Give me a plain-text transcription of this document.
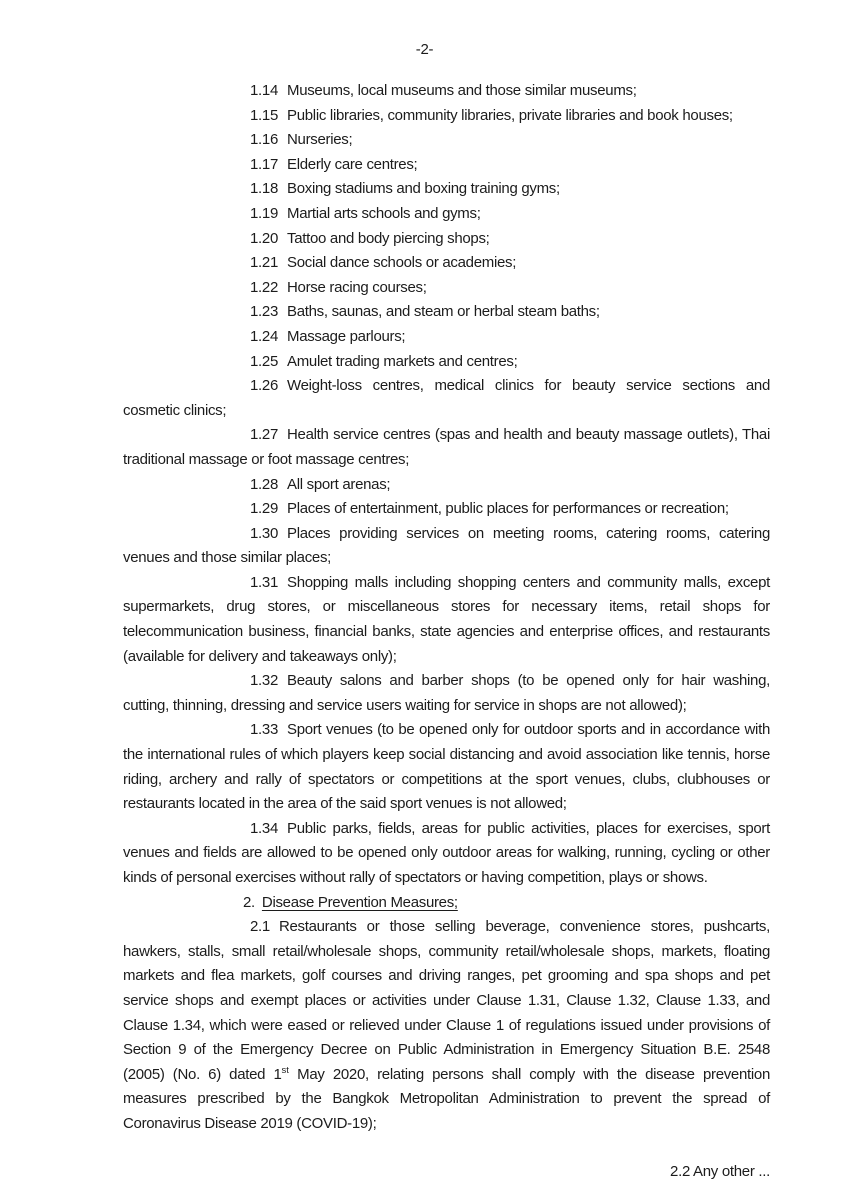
-2-

1.14 Museums, local museums and those similar museums;

1.15 Public libraries, community libraries, private libraries and book houses;

1.16 Nurseries;

1.17 Elderly care centres;

1.18 Boxing stadiums and boxing training gyms;

1.19 Martial arts schools and gyms;

1.20 Tattoo and body piercing shops;

1.21 Social dance schools or academies;

1.22 Horse racing courses;

1.23 Baths, saunas, and steam or herbal steam baths;

1.24 Massage parlours;

1.25 Amulet trading markets and centres;

1.26 Weight-loss centres, medical clinics for beauty service sections and cosmetic clinics;

1.27 Health service centres (spas and health and beauty massage outlets), Thai traditional massage or foot massage centres;

1.28 All sport arenas;

1.29 Places of entertainment, public places for performances or recreation;

1.30 Places providing services on meeting rooms, catering rooms, catering venues and those similar places;

1.31 Shopping malls including shopping centers and community malls, except supermarkets, drug stores, or miscellaneous stores for necessary items, retail shops for telecommunication business, financial banks, state agencies and enterprise offices, and restaurants (available for delivery and takeaways only);

1.32 Beauty salons and barber shops (to be opened only for hair washing, cutting, thinning, dressing and service users waiting for service in shops are not allowed);

1.33 Sport venues (to be opened only for outdoor sports and in accordance with the international rules of which players keep social distancing and avoid association like tennis, horse riding, archery and rally of spectators or competitions at the sport venues, clubs, clubhouses or restaurants located in the area of the said sport venues is not allowed;

1.34 Public parks, fields, areas for public activities, places for exercises, sport venues and fields are allowed to be opened only outdoor areas for walking, running, cycling or other kinds of personal exercises without rally of spectators or having competition, plays or shows.

2. Disease Prevention Measures;

2.1 Restaurants or those selling beverage, convenience stores, pushcarts, hawkers, stalls, small retail/wholesale shops, community retail/wholesale shops, markets, floating markets and flea markets, golf courses and driving ranges, pet grooming and spa shops and pet service shops and exempt places or activities under Clause 1.31, Clause 1.32, Clause 1.33, and Clause 1.34, which were eased or relieved under Clause 1 of regulations issued under provisions of Section 9 of the Emergency Decree on Public Administration in Emergency Situation B.E. 2548 (2005) (No. 6) dated 1st May 2020, relating persons shall comply with the disease prevention measures prescribed by the Bangkok Metropolitan Administration to prevent the spread of Coronavirus Disease 2019 (COVID-19);

2.2 Any other ...
